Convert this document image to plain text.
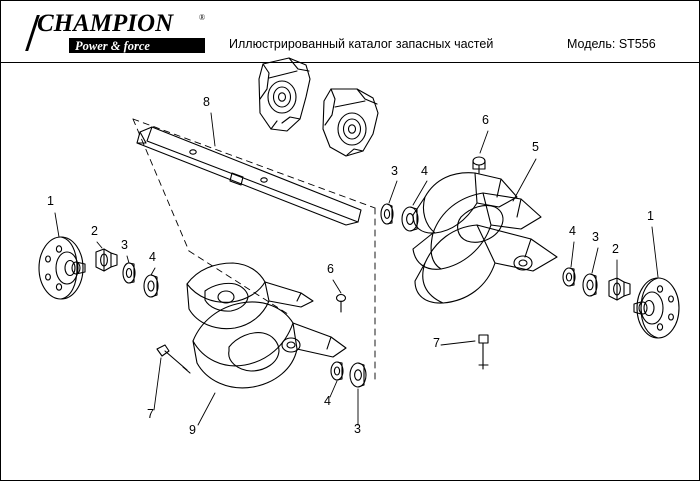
CHAMPION	®
Power & force	Иллюстрированный каталог запасных частей	Модель: ST556
8
6
5
3 4
4 3
2
1
1
2
3
4
6
7
4
3
7
9
